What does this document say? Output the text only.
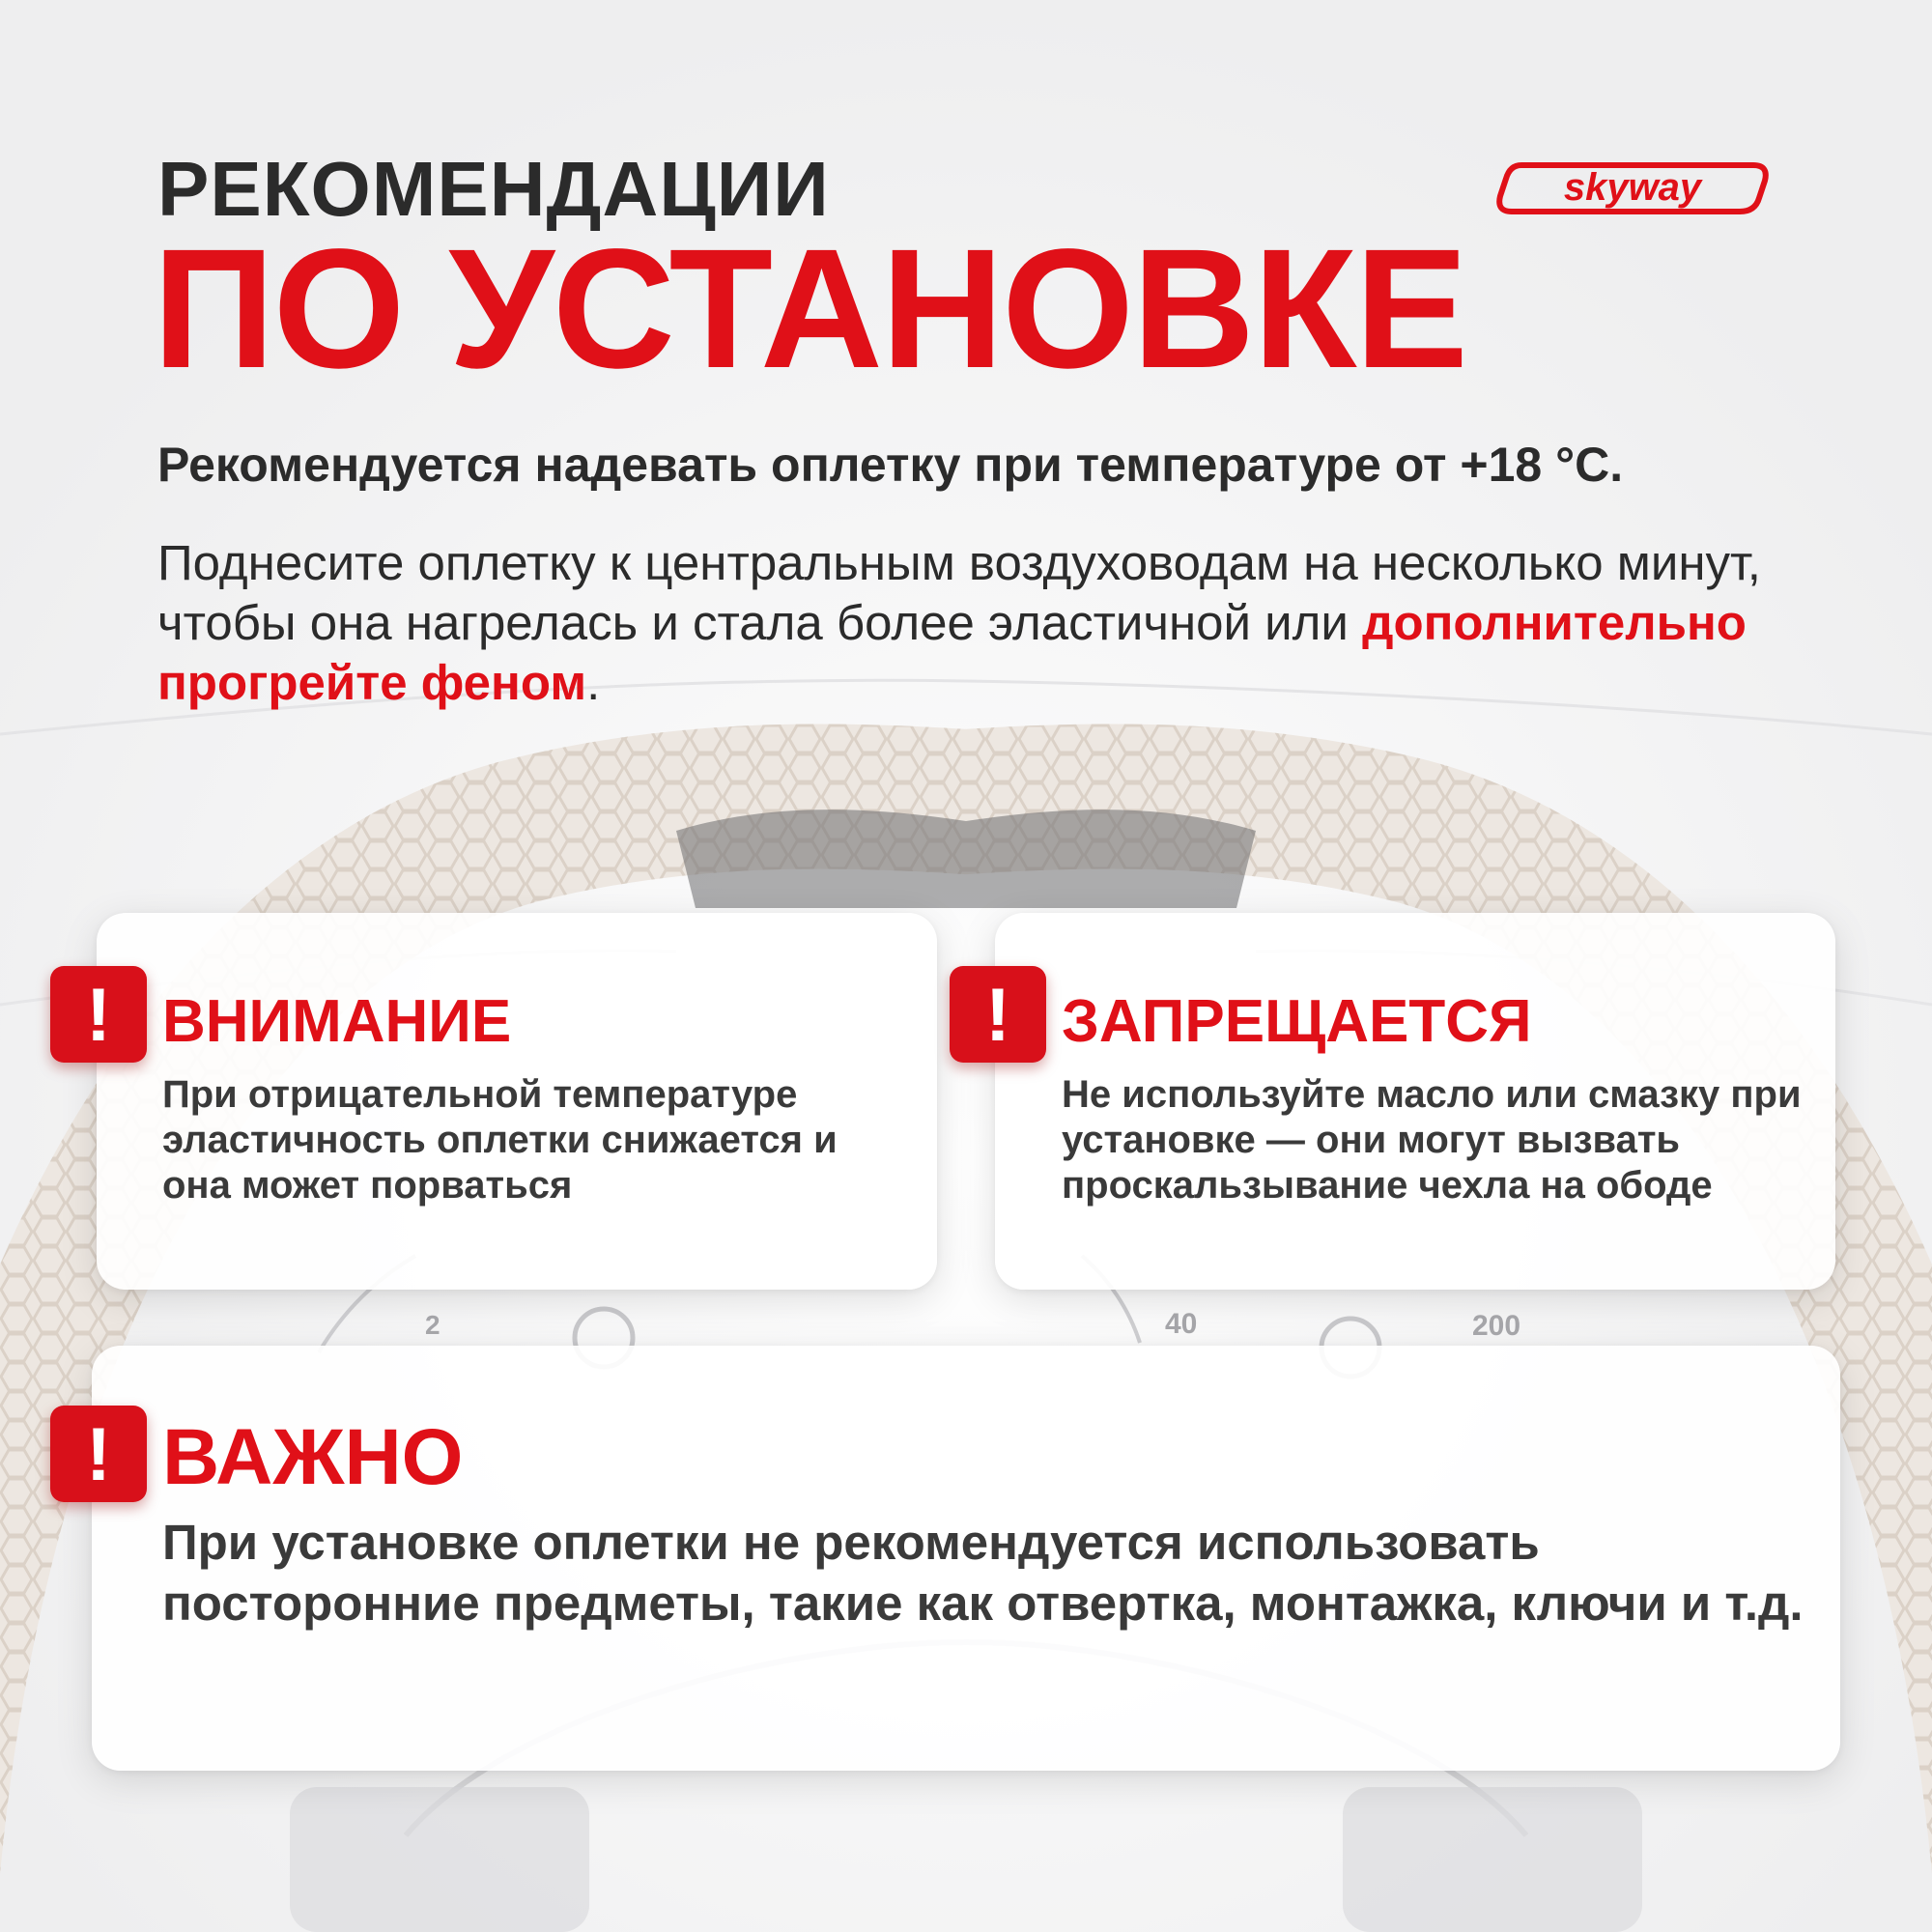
2	40	200
РЕКОМЕНДАЦИИ
ПО УСТАНОВКЕ
skyway
Рекомендуется надевать оплетку при температуре от +18 °С.
Поднесите оплетку к центральным воздуховодам на несколько минут, чтобы она нагрелась и стала более эластичной или дополнительно прогрейте феном.
! ВНИМАНИЕ
При отрицательной температуре эластичность оплетки снижается и она может порваться
! ЗАПРЕЩАЕТСЯ
Не используйте масло или смазку при установке — они могут вызвать проскальзывание чехла на ободе
! ВАЖНО
При установке оплетки не рекомендуется использовать посторонние предметы, такие как отвертка, монтажка, ключи и т.д.
